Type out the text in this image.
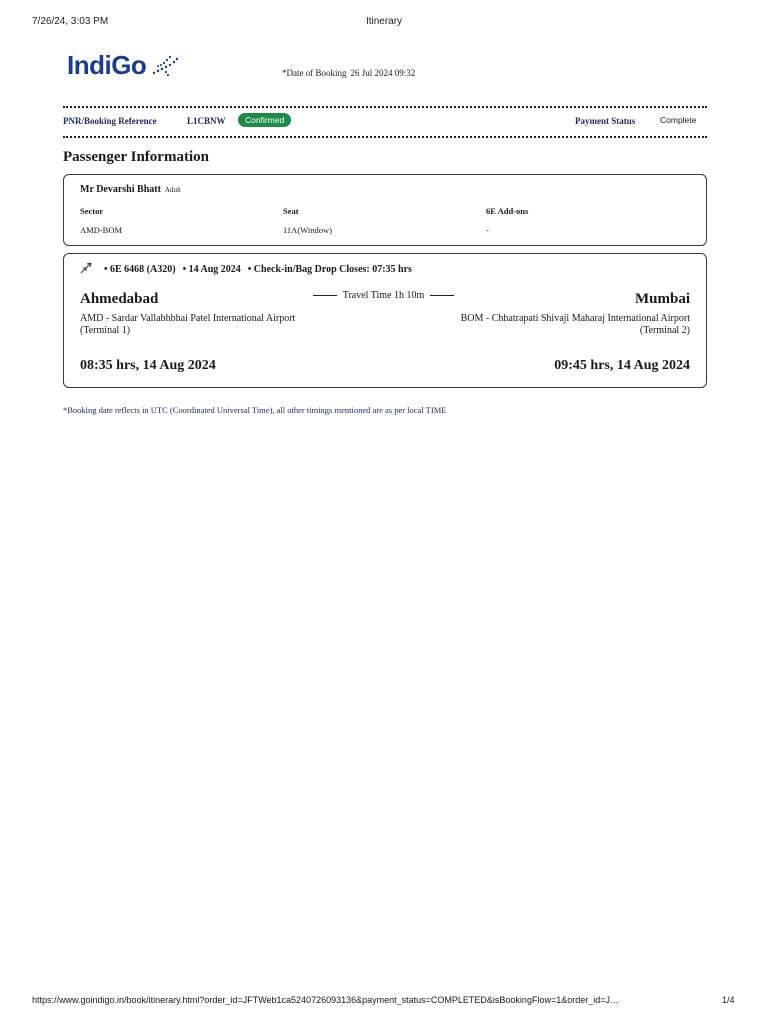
7/26/24, 3:03 PM	Itinerary
IndiGo	*Date of Booking 26 Jul 2024 09:32
PNR/Booking Reference	L1CBNW	Confirmed	Payment Status	Complete
Passenger Information
Mr Devarshi Bhatt Adult
Sector	Seat	6E Add-ons
AMD-BOM	11A(Window)	-
• 6E 6468 (A320) • 14 Aug 2024 • Check-in/Bag Drop Closes: 07:35 hrs
Ahmedabad	Travel Time 1h 10m	Mumbai
AMD - Sardar Vallabhbhai Patel International Airport (Terminal 1)
BOM - Chhatrapati Shivaji Maharaj International Airport (Terminal 2)
08:35 hrs, 14 Aug 2024	09:45 hrs, 14 Aug 2024
*Booking date reflects in UTC (Coordinated Universal Time), all other timings mentioned are as per local TIME
https://www.goindigo.in/book/itinerary.html?order_id=JFTWeb1ca5240726093136&payment_status=COMPLETED&isBookingFlow=1&order_id=J…	1/4
